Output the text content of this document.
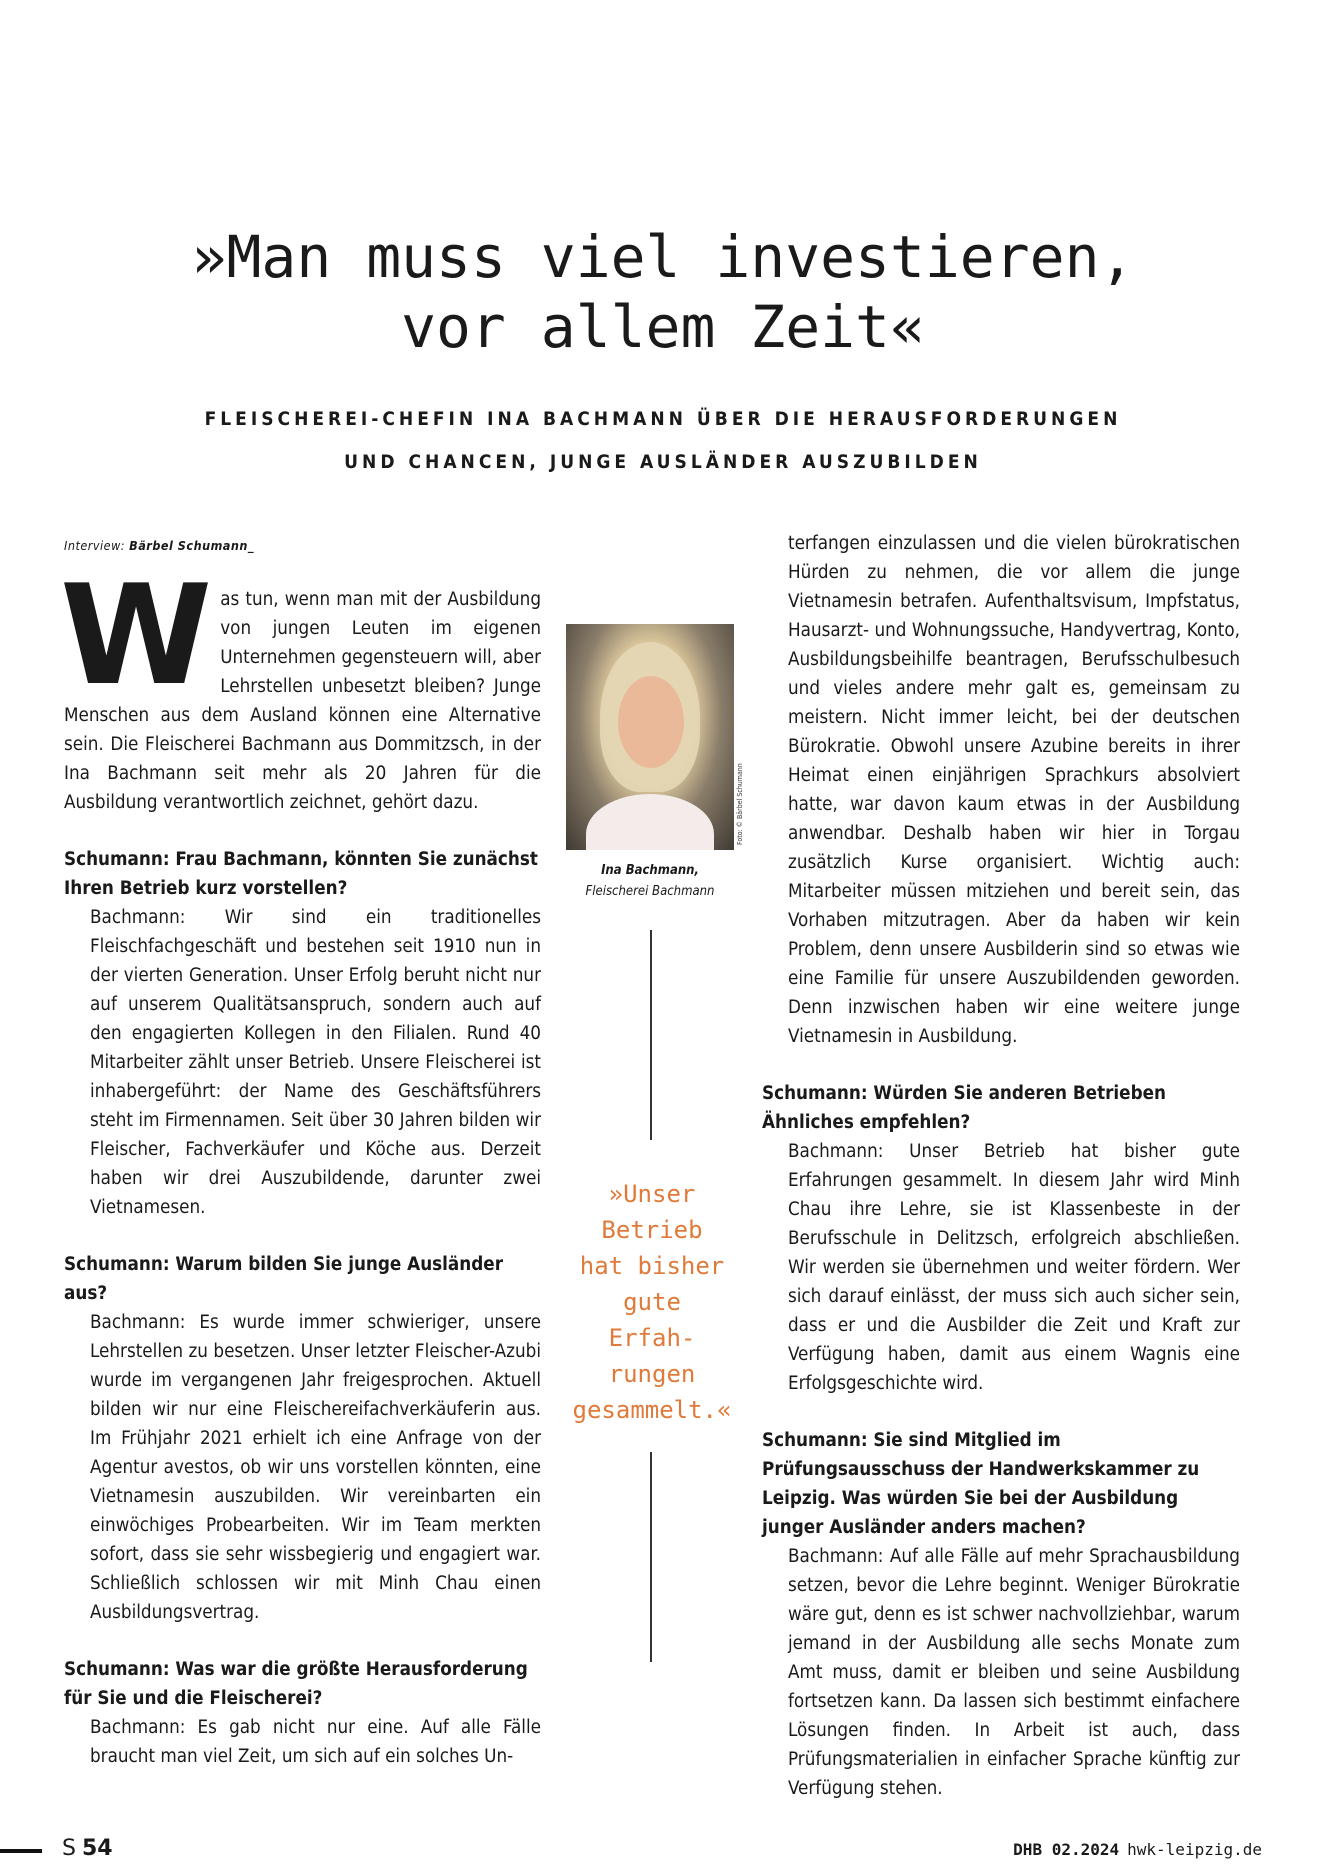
»Man muss viel investieren,
vor allem Zeit«
FLEISCHEREI-CHEFIN INA BACHMANN ÜBER DIE HERAUSFORDERUNGEN
UND CHANCEN, JUNGE AUSLÄNDER AUSZUBILDEN
Interview: Bärbel Schumann_

Was tun, wenn man mit der Ausbildung von jungen Leuten im eigenen Unternehmen gegensteuern will, aber Lehrstellen unbesetzt bleiben? Junge Menschen aus dem Ausland können eine Alternative sein. Die Fleischerei Bachmann aus Dommitzsch, in der Ina Bachmann seit mehr als 20 Jahren für die Ausbildung verantwortlich zeichnet, gehört dazu.

Schumann: Frau Bachmann, könnten Sie zunächst Ihren Betrieb kurz vorstellen?

Bachmann: Wir sind ein traditionelles Fleischfachgeschäft und bestehen seit 1910 nun in der vierten Generation. Unser Erfolg beruht nicht nur auf unserem Qualitätsanspruch, sondern auch auf den engagierten Kollegen in den Filialen. Rund 40 Mitarbeiter zählt unser Betrieb. Unsere Fleischerei ist inhabergeführt: der Name des Geschäftsführers steht im Firmennamen. Seit über 30 Jahren bilden wir Fleischer, Fachverkäufer und Köche aus. Derzeit haben wir drei Auszubildende, darunter zwei Vietnamesen.

Schumann: Warum bilden Sie junge Ausländer aus?

Bachmann: Es wurde immer schwieriger, unsere Lehrstellen zu besetzen. Unser letzter Fleischer-Azubi wurde im vergangenen Jahr freigesprochen. Aktuell bilden wir nur eine Fleischereifachverkäuferin aus. Im Frühjahr 2021 erhielt ich eine Anfrage von der Agentur avestos, ob wir uns vorstellen könnten, eine Vietnamesin auszubilden. Wir vereinbarten ein einwöchiges Probearbeiten. Wir im Team merkten sofort, dass sie sehr wissbegierig und engagiert war. Schließlich schlossen wir mit Minh Chau einen Ausbildungsvertrag.

Schumann: Was war die größte Herausforderung für Sie und die Fleischerei?

Bachmann: Es gab nicht nur eine. Auf alle Fälle braucht man viel Zeit, um sich auf ein solches Un-

Foto: © Bärbel Schumann
Ina Bachmann,
Fleischerei Bachmann
»Unser
Betrieb
hat bisher
gute
Erfah-
rungen
gesammelt.«

terfangen einzulassen und die vielen bürokratischen Hürden zu nehmen, die vor allem die junge Vietnamesin betrafen. Aufenthaltsvisum, Impfstatus, Hausarzt- und Wohnungssuche, Handyvertrag, Konto, Ausbildungsbeihilfe beantragen, Berufsschulbesuch und vieles andere mehr galt es, gemeinsam zu meistern. Nicht immer leicht, bei der deutschen Bürokratie. Obwohl unsere Azubine bereits in ihrer Heimat einen einjährigen Sprachkurs absolviert hatte, war davon kaum etwas in der Ausbildung anwendbar. Deshalb haben wir hier in Torgau zusätzlich Kurse organisiert. Wichtig auch: Mitarbeiter müssen mitziehen und bereit sein, das Vorhaben mitzutragen. Aber da haben wir kein Problem, denn unsere Ausbilderin sind so etwas wie eine Familie für unsere Auszubildenden geworden. Denn inzwischen haben wir eine weitere junge Vietnamesin in Ausbildung.

Schumann: Würden Sie anderen Betrieben Ähnliches empfehlen?

Bachmann: Unser Betrieb hat bisher gute Erfahrungen gesammelt. In diesem Jahr wird Minh Chau ihre Lehre, sie ist Klassenbeste in der Berufsschule in Delitzsch, erfolgreich abschließen. Wir werden sie übernehmen und weiter fördern. Wer sich darauf einlässt, der muss sich auch sicher sein, dass er und die Ausbilder die Zeit und Kraft zur Verfügung haben, damit aus einem Wagnis eine Erfolgsgeschichte wird.

Schumann: Sie sind Mitglied im Prüfungsausschuss der Handwerkskammer zu Leipzig. Was würden Sie bei der Ausbildung junger Ausländer anders machen?

Bachmann: Auf alle Fälle auf mehr Sprachausbildung setzen, bevor die Lehre beginnt. Weniger Bürokratie wäre gut, denn es ist schwer nachvollziehbar, warum jemand in der Ausbildung alle sechs Monate zum Amt muss, damit er bleiben und seine Ausbildung fortsetzen kann. Da lassen sich bestimmt einfachere Lösungen finden. In Arbeit ist auch, dass Prüfungsmaterialien in einfacher Sprache künftig zur Verfügung stehen.

S 54	DHB 02.2024 hwk-leipzig.de
